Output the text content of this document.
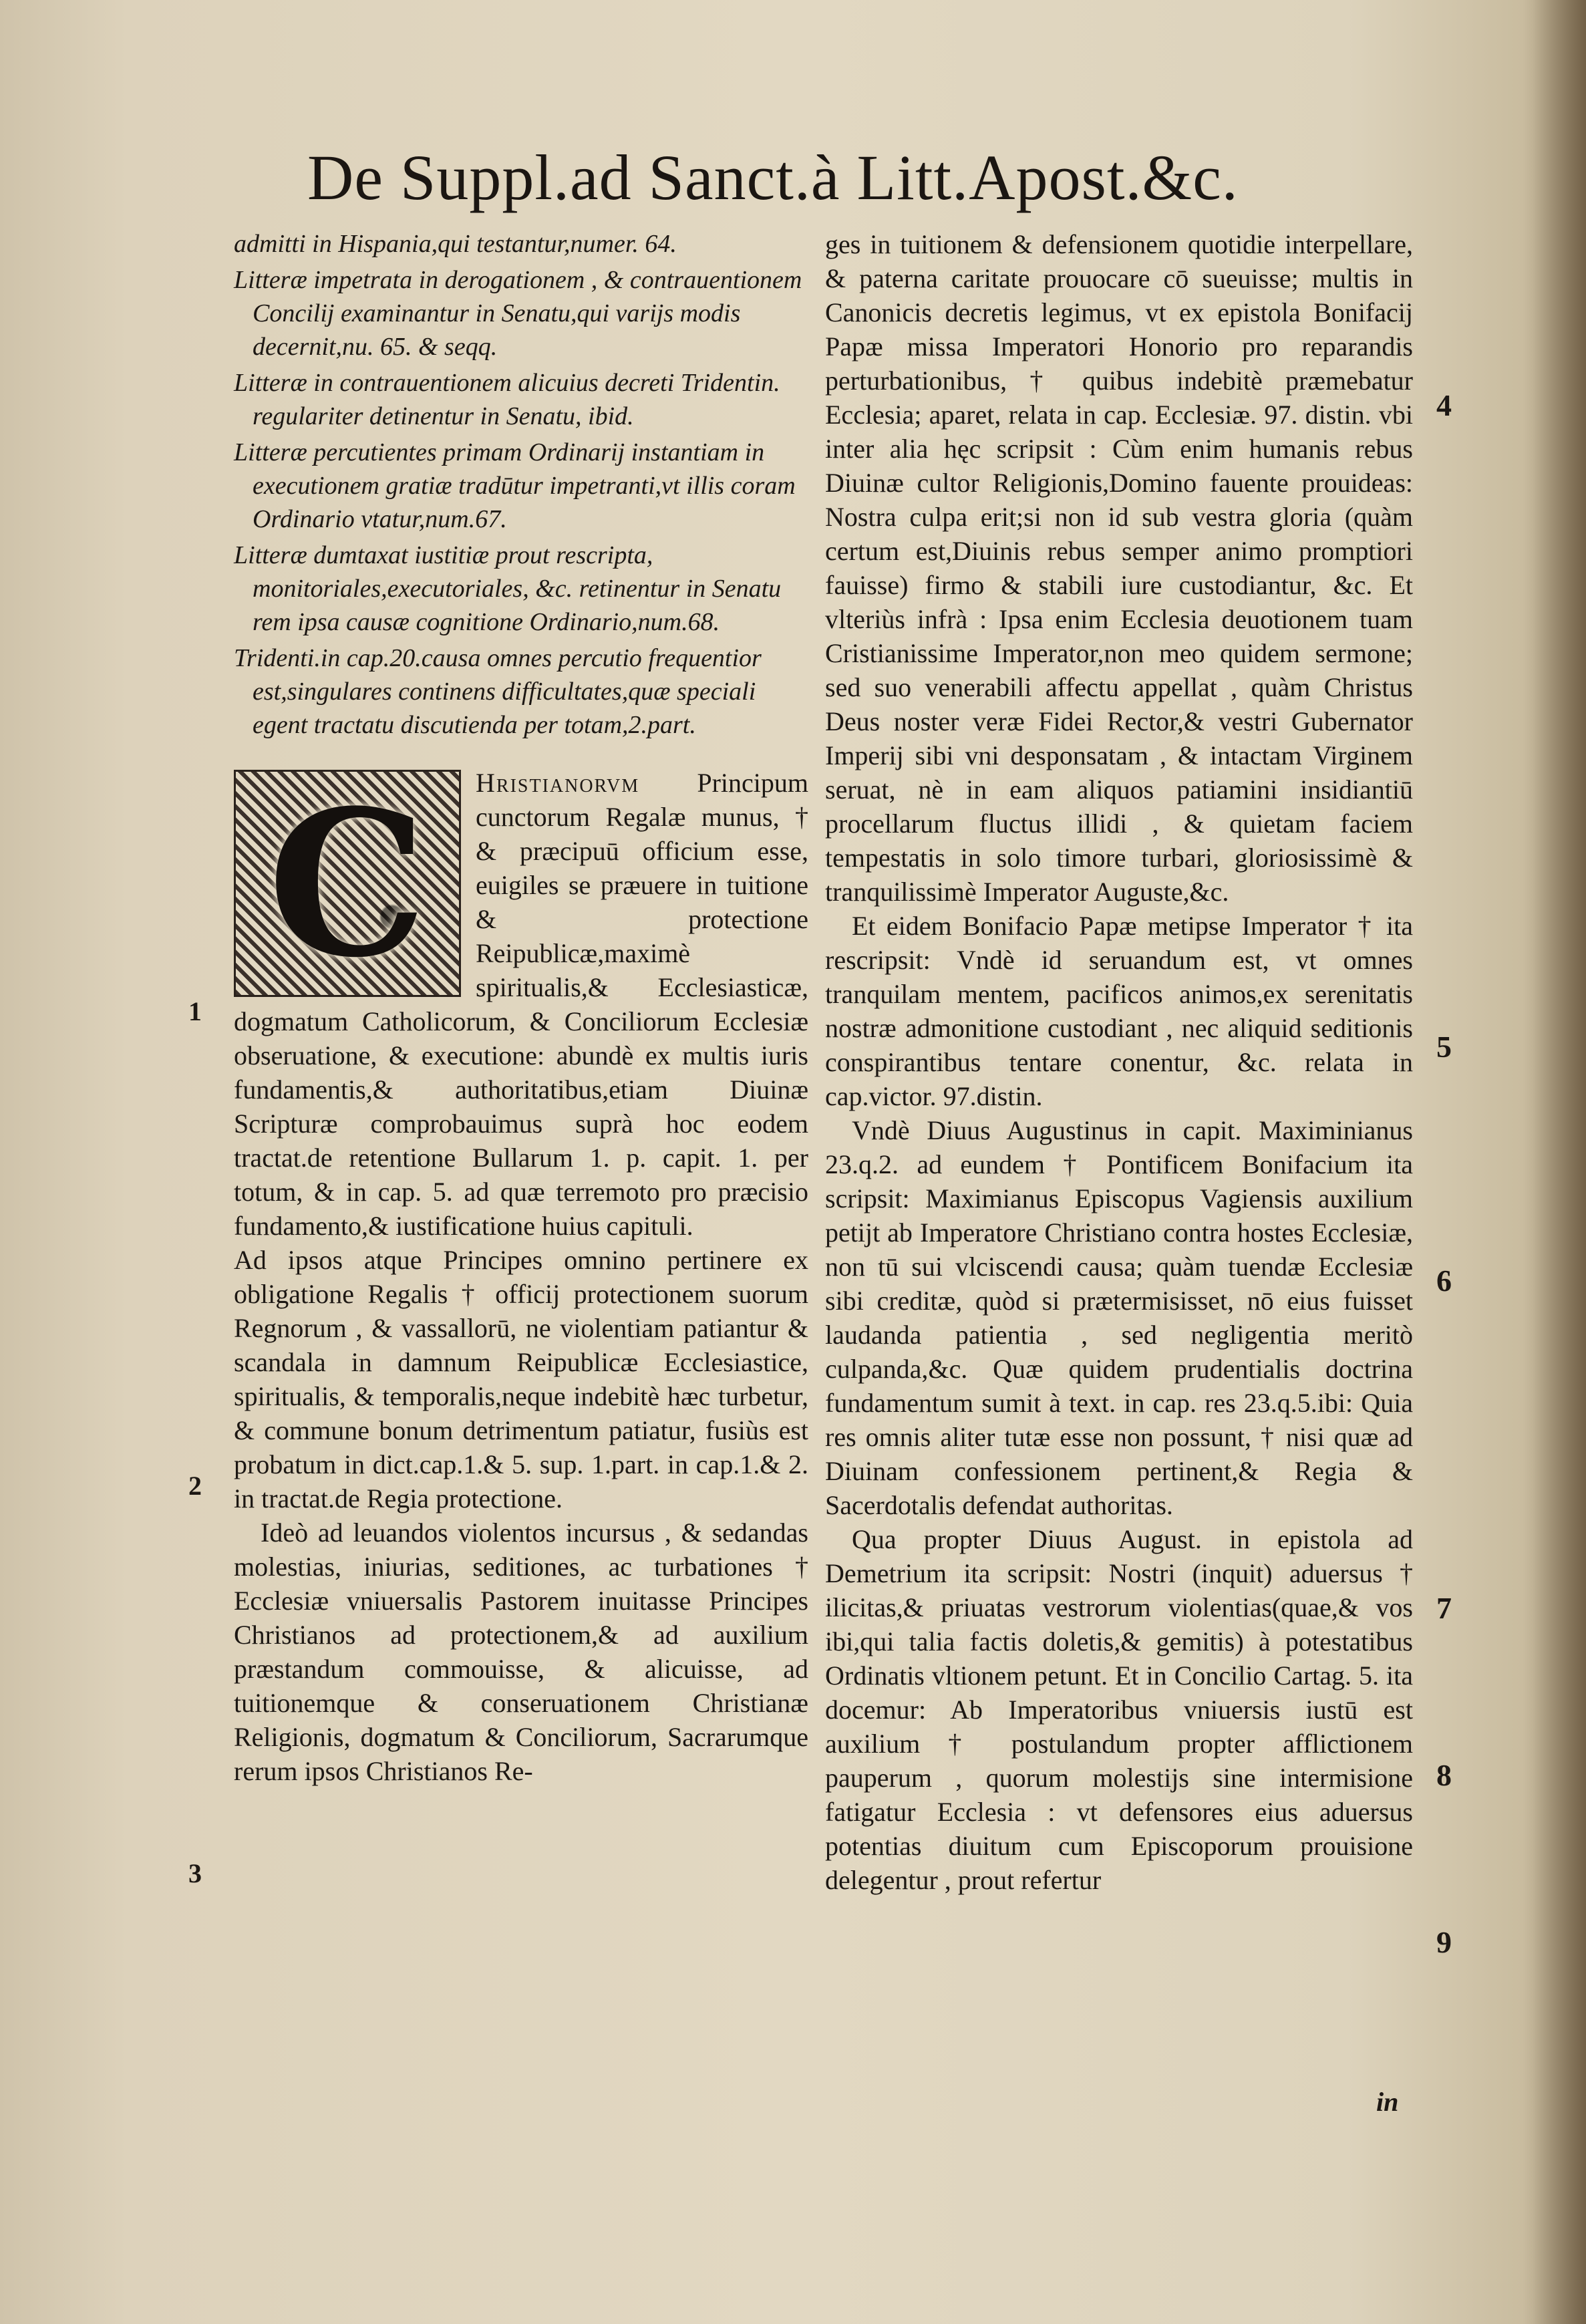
De Suppl.ad Sanct.à Litt.Apost.&c.
admitti in Hispania,qui testantur,numer. 64.
Litteræ impetrata in derogationem , & contrauentionem Concilij examinantur in Senatu,qui varijs modis decernit,nu. 65. & seqq.
Litteræ in contrauentionem alicuius decreti Tridentin. regulariter detinentur in Senatu, ibid.
Litteræ percutientes primam Ordinarij instantiam in executionem gratiæ tradūtur impetranti,vt illis coram Ordinario vtatur,num.67.
Litteræ dumtaxat iustitiæ prout rescripta, monitoriales,executoriales, &c. retinentur in Senatu rem ipsa causæ cognitione Ordinario,num.68.
Tridenti.in cap.20.causa omnes percutio frequentior est,singulares continens difficultates,quæ speciali egent tractatu discutienda per totam,2.part.
C	Hristianorvm Principum cunctorum Regalæ munus, † & præcipuū officium esse, euigiles se præuere in tuitione & protectione Reipublicæ,maximè spiritualis,& Ecclesiasticæ, dogmatum Catholicorum, & Conciliorum Ecclesiæ obseruatione, & executione: abundè ex multis iuris fundamentis,& authoritatibus,etiam Diuinæ Scripturæ comprobauimus suprà hoc eodem tractat.de retentione Bullarum 1. p. capit. 1. per totum, & in cap. 5. ad quæ terremoto pro præcisio fundamento,& iustificatione huius capituli.

Ad ipsos atque Principes omnino pertinere ex obligatione Regalis † officij protectionem suorum Regnorum , & vassallorū, ne violentiam patiantur & scandala in damnum Reipublicæ Ecclesiastice, spiritualis, & temporalis,neque indebitè hæc turbetur, & commune bonum detrimentum patiatur, fusiùs est probatum in dict.cap.1.& 5. sup. 1.part. in cap.1.& 2. in tractat.de Regia protectione.

Ideò ad leuandos violentos incursus , & sedandas molestias, iniurias, seditiones, ac turbationes † Ecclesiæ vniuersalis Pastorem inuitasse Principes Christianos ad protectionem,& ad auxilium præstandum commouisse, & alicuisse, ad tuitionemque & conseruationem Christianæ Religionis, dogmatum & Conciliorum, Sacrarumque rerum ipsos Christianos Re-

ges in tuitionem & defensionem quotidie interpellare, & paterna caritate prouocare cō sueuisse; multis in Canonicis decretis legimus, vt ex epistola Bonifacij Papæ missa Imperatori Honorio pro reparandis perturbationibus, † quibus indebitè præmebatur Ecclesia; aparet, relata in cap. Ecclesiæ. 97. distin. vbi inter alia hęc scripsit : Cùm enim humanis rebus Diuinæ cultor Religionis,Domino fauente prouideas: Nostra culpa erit;si non id sub vestra gloria (quàm certum est,Diuinis rebus semper animo promptiori fauisse) firmo & stabili iure custodiantur, &c. Et vlteriùs infrà : Ipsa enim Ecclesia deuotionem tuam Cristianissime Imperator,non meo quidem sermone; sed suo venerabili affectu appellat , quàm Christus Deus noster veræ Fidei Rector,& vestri Gubernator Imperij sibi vni desponsatam , & intactam Virginem seruat, nè in eam aliquos patiamini insidiantiū procellarum fluctus illidi , & quietam faciem tempestatis in solo timore turbari, gloriosissimè & tranquilissimè Imperator Auguste,&c.

Et eidem Bonifacio Papæ metipse Imperator † ita rescripsit: Vndè id seruandum est, vt omnes tranquilam mentem, pacificos animos,ex serenitatis nostræ admonitione custodiant , nec aliquid seditionis conspirantibus tentare conentur, &c. relata in cap.victor. 97.distin.

Vndè Diuus Augustinus in capit. Maximinianus 23.q.2. ad eundem † Pontificem Bonifacium ita scripsit: Maximianus Episcopus Vagiensis auxilium petijt ab Imperatore Christiano contra hostes Ecclesiæ, non tū sui vlciscendi causa; quàm tuendæ Ecclesiæ sibi creditæ, quòd si prætermisisset, nō eius fuisset laudanda patientia , sed negligentia meritò culpanda,&c. Quæ quidem prudentialis doctrina fundamentum sumit à text. in cap. res 23.q.5.ibi: Quia res omnis aliter tutæ esse non possunt, † nisi quæ ad Diuinam confessionem pertinent,& Regia & Sacerdotalis defendat authoritas.

Qua propter Diuus August. in epistola ad Demetrium ita scripsit: Nostri (inquit) aduersus † ilicitas,& priuatas vestrorum violentias(quae,& vos ibi,qui talia factis doletis,& gemitis) à potestatibus Ordinatis vltionem petunt. Et in Concilio Cartag. 5. ita docemur: Ab Imperatoribus vniuersis iustū est auxilium † postulandum propter afflictionem pauperum , quorum molestijs sine intermisione fatigatur Ecclesia : vt defensores eius aduersus potentias diuitum cum Episcoporum prouisione delegentur , prout refertur

1
2
3
4
5
6
7
8
9
in
